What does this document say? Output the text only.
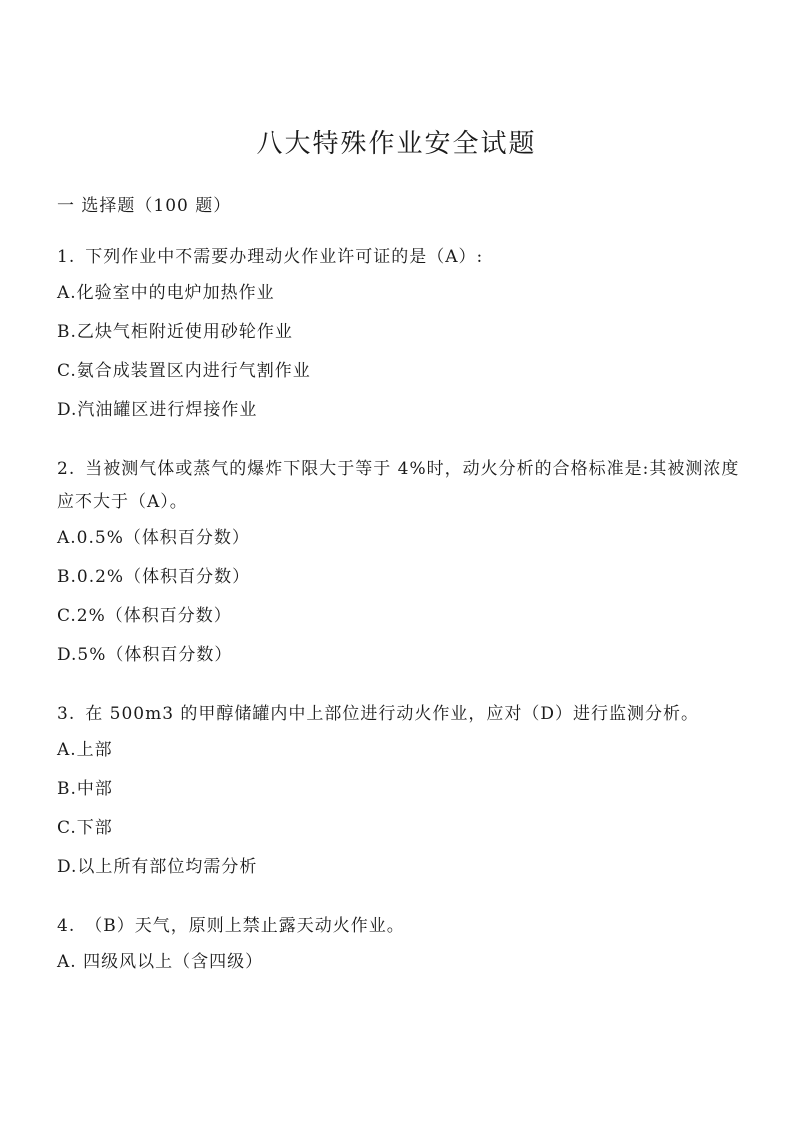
八大特殊作业安全试题

一 选择题（100 题）

1. 下列作业中不需要办理动火作业许可证的是（A）:

A.化验室中的电炉加热作业

B.乙炔气柜附近使用砂轮作业

C.氨合成装置区内进行气割作业

D.汽油罐区进行焊接作业

2. 当被测气体或蒸气的爆炸下限大于等于 4%时，动火分析的合格标准是:其被测浓度应不大于（A）。

A.0.5%（体积百分数）

B.0.2%（体积百分数）

C.2%（体积百分数）

D.5%（体积百分数）

3. 在 500m3 的甲醇储罐内中上部位进行动火作业，应对（D）进行监测分析。

A.上部

B.中部

C.下部

D.以上所有部位均需分析

4. （B）天气，原则上禁止露天动火作业。

A. 四级风以上（含四级）
